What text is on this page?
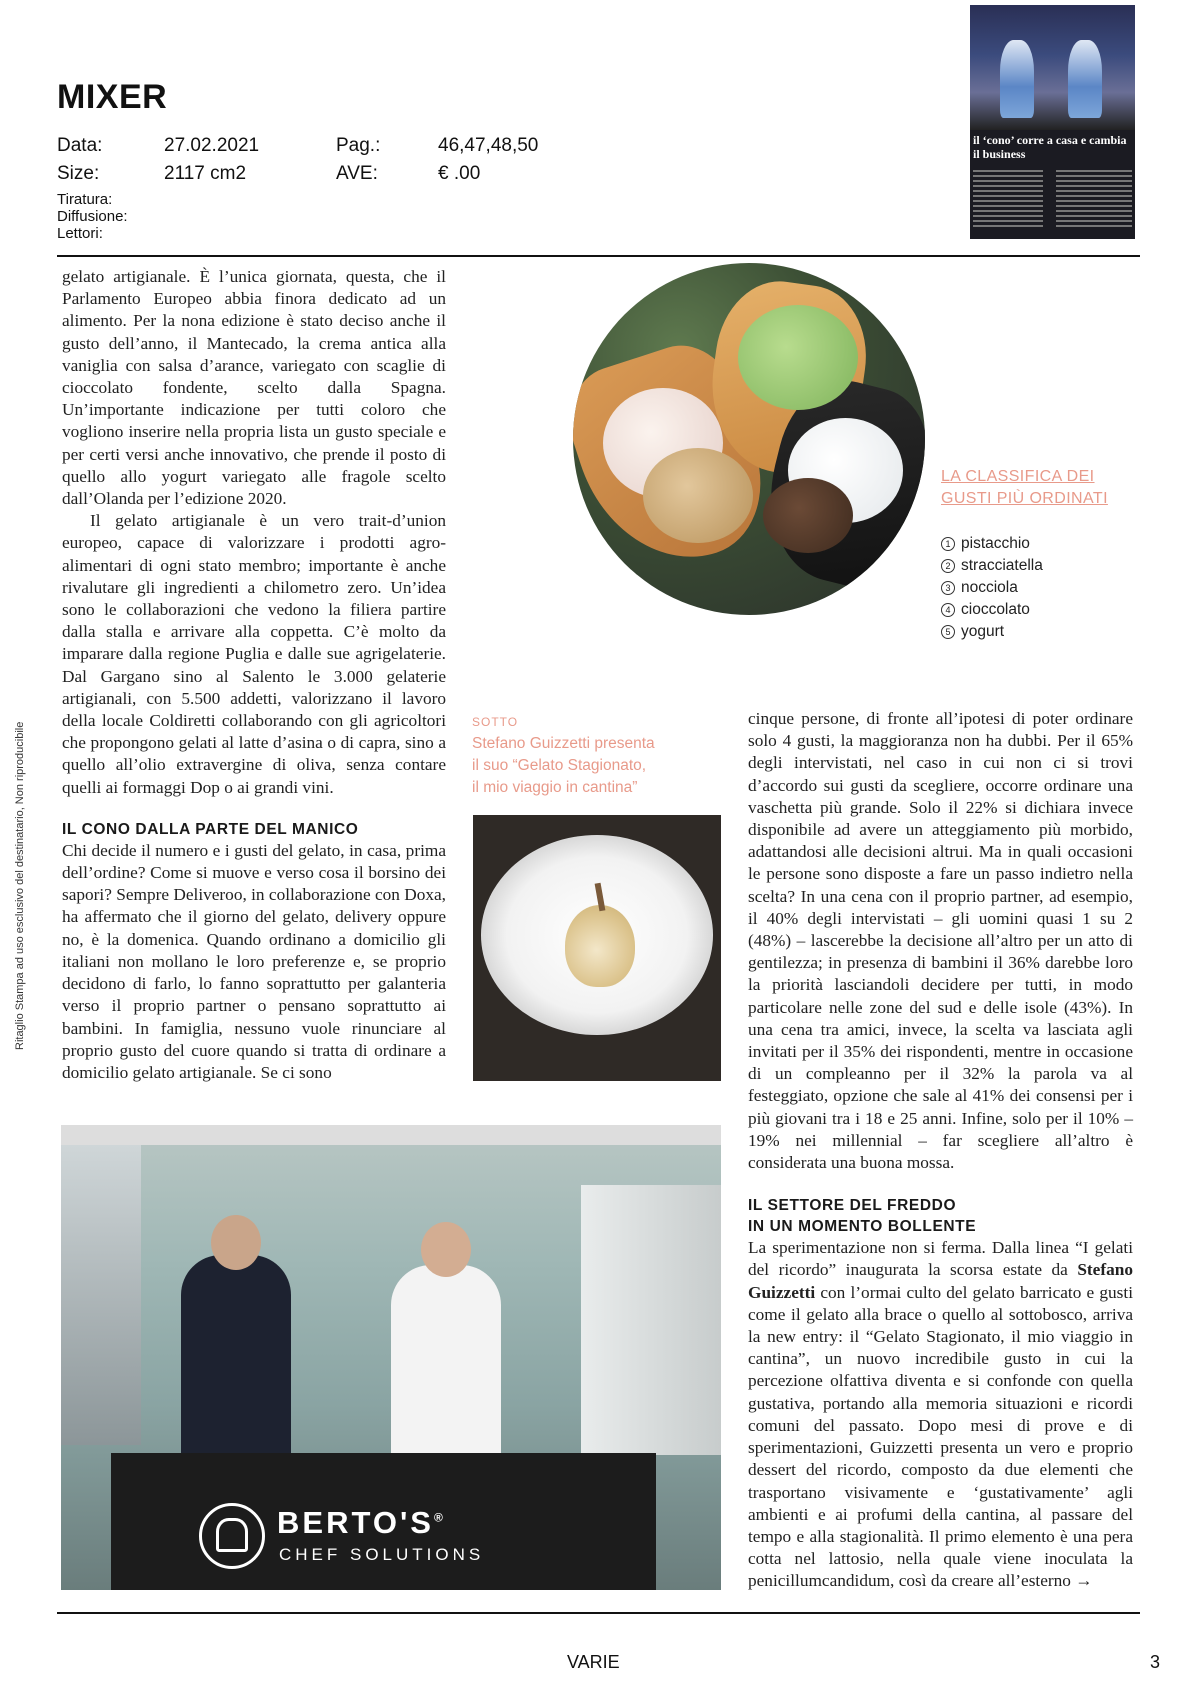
MIXER
Data:	27.02.2021	Pag.:	46,47,48,50
Size:	2117 cm2	AVE:	€ .00
Tiratura:
Diffusione:
Lettori:
il ‘cono’ corre a casa e cambia il business
Ritaglio Stampa ad uso esclusivo del destinatario, Non riproducibile

gelato artigianale. È l’unica giornata, questa, che il Parlamento Europeo abbia finora dedicato ad un alimento. Per la nona edizione è stato deciso anche il gusto dell’anno, il Mantecado, la crema antica alla vaniglia con salsa d’arance, variegato con scaglie di cioccolato fondente, scelto dalla Spagna. Un’importante indicazione per tutti coloro che vogliono inserire nella propria lista un gusto speciale e per certi versi anche innovativo, che prende il posto di quello allo yogurt variegato alle fragole scelto dall’Olanda per l’edizione 2020.

Il gelato artigianale è un vero trait-d’union europeo, capace di valorizzare i prodotti agro-alimentari di ogni stato membro; importante è anche rivalutare gli ingredienti a chilometro zero. Un’idea sono le collaborazioni che vedono la filiera partire dalla stalla e arrivare alla coppetta. C’è molto da imparare dalla regione Puglia e dalle sue agrigelaterie. Dal Gargano sino al Salento le 3.000 gelaterie artigianali, con 5.500 addetti, valorizzano il lavoro della locale Coldiretti collaborando con gli agricoltori che propongono gelati al latte d’asina o di capra, sino a quello all’olio extravergine di oliva, senza contare quelli ai formaggi Dop o ai grandi vini.

IL CONO DALLA PARTE DEL MANICO

Chi decide il numero e i gusti del gelato, in casa, prima dell’ordine? Come si muove e verso cosa il borsino dei sapori? Sempre Deliveroo, in collaborazione con Doxa, ha affermato che il giorno del gelato, delivery oppure no, è la domenica. Quando ordinano a domicilio gli italiani non mollano le loro preferenze e, se proprio decidono di farlo, lo fanno soprattutto per galanteria verso il proprio partner o pensano soprattutto ai bambini. In famiglia, nessuno vuole rinunciare al proprio gusto del cuore quando si tratta di ordinare a domicilio gelato artigianale. Se ci sono

LA CLASSIFICA DEI
GUSTI PIÙ ORDINATI
1 pistacchio
2 stracciatella
3 nocciola
4 cioccolato
5 yogurt
SOTTO
Stefano Guizzetti presenta
il suo “Gelato Stagionato,
il mio viaggio in cantina”

cinque persone, di fronte all’ipotesi di poter ordinare solo 4 gusti, la maggioranza non ha dubbi. Per il 65% degli intervistati, nel caso in cui non ci si trovi d’accordo sui gusti da scegliere, occorre ordinare una vaschetta più grande. Solo il 22% si dichiara invece disponibile ad avere un atteggiamento più morbido, adattandosi alle decisioni altrui. Ma in quali occasioni le persone sono disposte a fare un passo indietro nella scelta? In una cena con il proprio partner, ad esempio, il 40% degli intervistati – gli uomini quasi 1 su 2 (48%) – lascerebbe la decisione all’altro per un atto di gentilezza; in presenza di bambini il 36% darebbe loro la priorità lasciandoli decidere per tutti, in modo particolare nelle zone del sud e delle isole (43%). In una cena tra amici, invece, la scelta va lasciata agli invitati per il 35% dei rispondenti, mentre in occasione di un compleanno per il 32% la parola va al festeggiato, opzione che sale al 41% dei consensi per i più giovani tra i 18 e 25 anni. Infine, solo per il 10% – 19% nei millennial – far scegliere all’altro è considerata una buona mossa.

IL SETTORE DEL FREDDO
IN UN MOMENTO BOLLENTE

La sperimentazione non si ferma. Dalla linea “I gelati del ricordo” inaugurata la scorsa estate da Stefano Guizzetti con l’ormai culto del gelato barricato e gusti come il gelato alla brace o quello al sottobosco, arriva la new entry: il “Gelato Stagionato, il mio viaggio in cantina”, un nuovo incredibile gusto in cui la percezione olfattiva diventa e si confonde con quella gustativa, portando alla memoria situazioni e ricordi comuni del passato. Dopo mesi di prove e di sperimentazioni, Guizzetti presenta un vero e proprio dessert del ricordo, composto da due elementi che trasportano visivamente e ‘gustativamente’ agli ambienti e ai profumi della cantina, al passare del tempo e alla stagionalità. Il primo elemento è una pera cotta nel lattosio, nella quale viene inoculata la penicillumcandidum, così da creare all’esterno →

BERTO'S®
CHEF SOLUTIONS
VARIE	3
